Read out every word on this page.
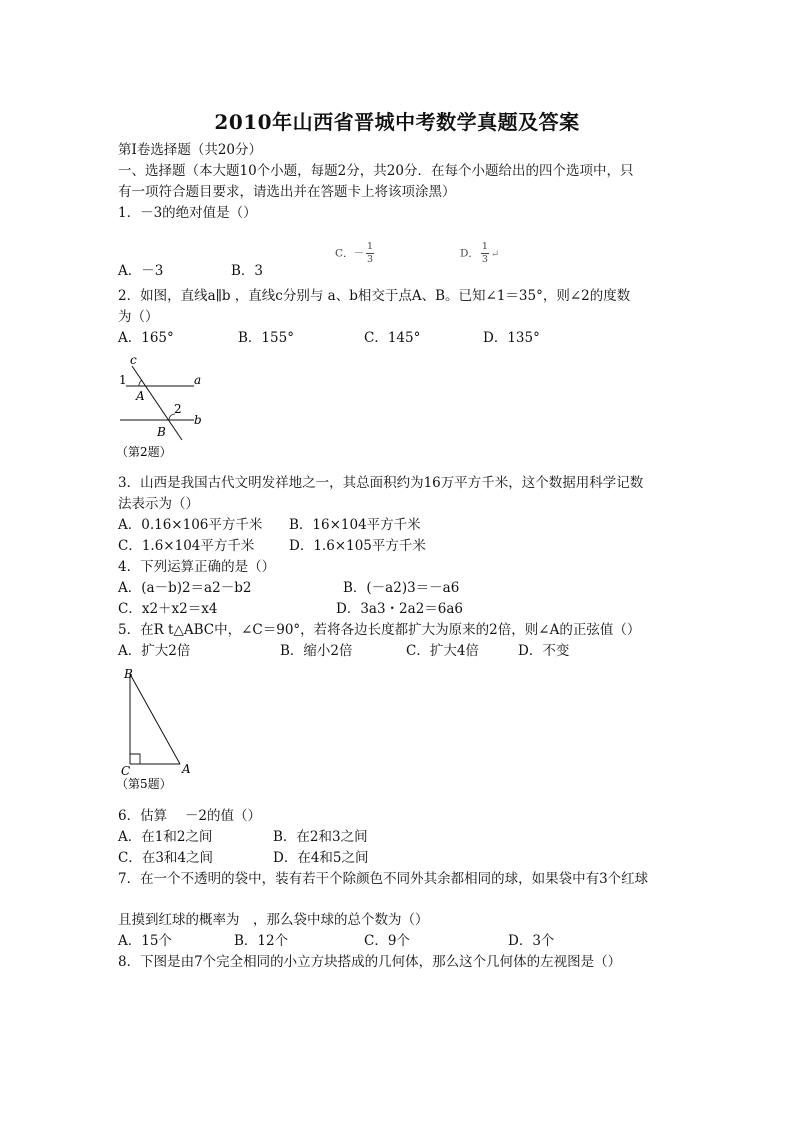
2010年山西省晋城中考数学真题及答案
第Ⅰ卷选择题（共20分）
一、选择题（本大题10个小题，每题2分，共20分．在每个小题给出的四个选项中，只
有一项符合题目要求，请选出并在答题卡上将该项涂黑）
1．－3的绝对值是（）
C．－ $\frac{1}{3}$	D． $\frac{1}{3}$ ↵
A．－3	B．3
2．如图，直线a∥b ，直线c分别与 a、b相交于点A、B。已知∠1＝35°，则∠2的度数
为（）
A．165°	B．155°	C．145°	D．135°
c
1	a
A
2
b
B
（第2题）
3．山西是我国古代文明发祥地之一，其总面积约为16万平方千米，这个数据用科学记数
法表示为（）
A．0.16×106平方千米 B．16×104平方千米
C．1.6×104平方千米	D．1.6×105平方千米
4．下列运算正确的是（）
A．(a－b)2＝a2－b2	B．(－a2)3＝－a6
C．x2＋x2＝x4	D．3a3・2a2＝6a6
5．在R t△ABC中，∠C＝90°，若将各边长度都扩大为原来的2倍，则∠A的正弦值（）
A．扩大2倍	B．缩小2倍	C．扩大4倍	D．不变
B
C	A
（第5题）
6．估算　 －2的值（）
A．在1和2之间	B．在2和3之间
C．在3和4之间	D．在4和5之间
7．在一个不透明的袋中，装有若干个除颜色不同外其余都相同的球，如果袋中有3个红球
且摸到红球的概率为　，那么袋中球的总个数为（）
A．15个	B．12个	C．9个	D．3个
8．下图是由7个完全相同的小立方块搭成的几何体，那么这个几何体的左视图是（）
